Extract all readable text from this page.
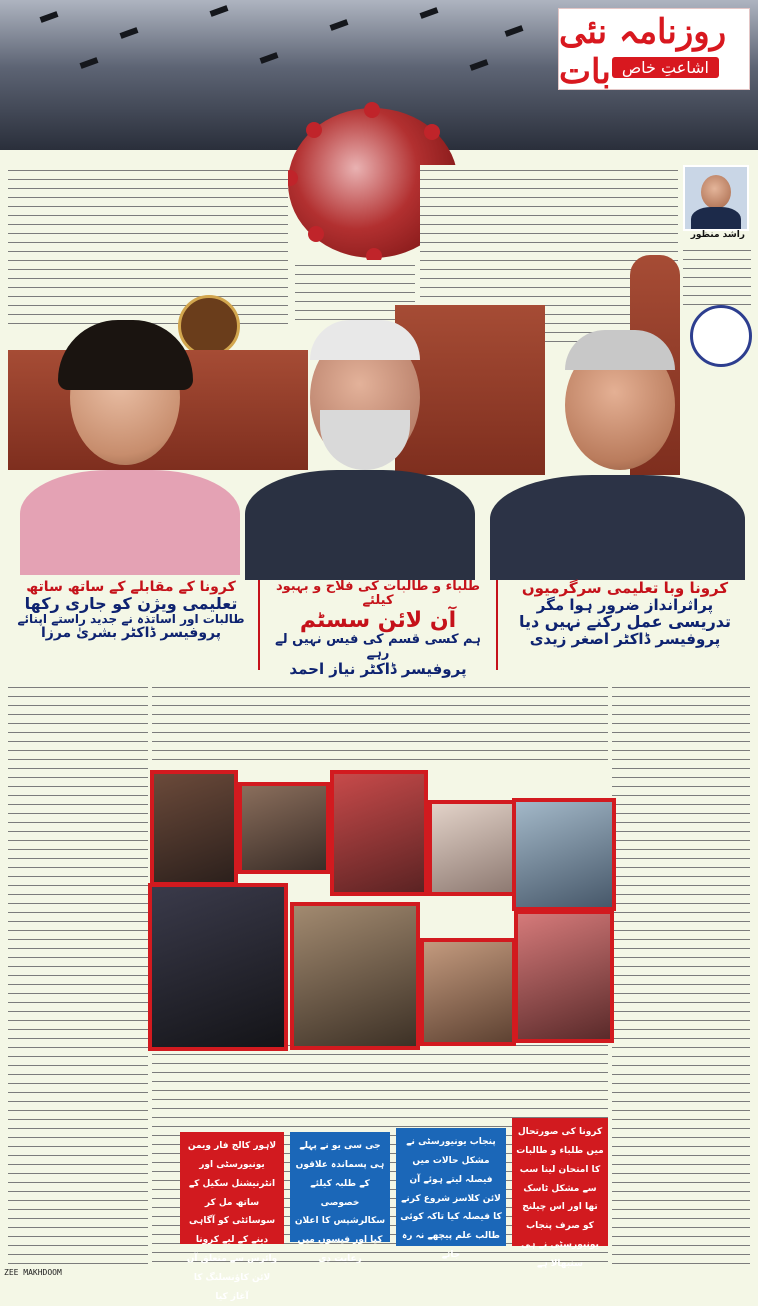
روزنامہ نئی بات اشاعتِ خاص
راشد منظور
کرونا وبا تعلیمی سرگرمیوں
پراثرانداز ضرور ہوا مگر
تدریسی عمل رکنے نہیں دیا
پروفیسر ڈاکٹر اصغر زیدی
طلباء و طالبات کی فلاح و بہبود کیلئے
آن لائن سسٹم
ہم کسی قسم کی فیس نہیں لے رہے
پروفیسر ڈاکٹر نیاز احمد
کرونا کے مقابلے کے ساتھ ساتھ
تعلیمی ویژن کو جاری رکھا
طالبات اور اساتذہ نے جدید راستے اپنائے
پروفیسر ڈاکٹر بشریٰ مرزا
کرونا کی صورتحال میں طلباء و طالبات کا امتحان لینا سب سے مشکل ٹاسک تھا اور اس چیلنج کو صرف پنجاب یونیورسٹی نے ہی سنبھالا ہے
پنجاب یونیورسٹی نے مشکل حالات میں فیصلہ لیتے ہوئے آن لائن کلاسز شروع کرنے کا فیصلہ کیا تاکہ کوئی طالب علم پیچھے نہ رہ جائے
جی سی یو نے پہلے ہی پسماندہ علاقوں کے طلبہ کیلئے خصوصی سکالرشپس کا اعلان کیا اور فیسوں میں رعایت دی
لاہور کالج فار ویمن یونیورسٹی اور انٹرنیشنل سکیل کے ساتھ مل کر سوسائٹی کو آگاہی دینے کے لیے کرونا وائرس سے متعلق آن لائن کاؤنسلنگ کا آغاز کیا
ZEE MAKHDOOM
